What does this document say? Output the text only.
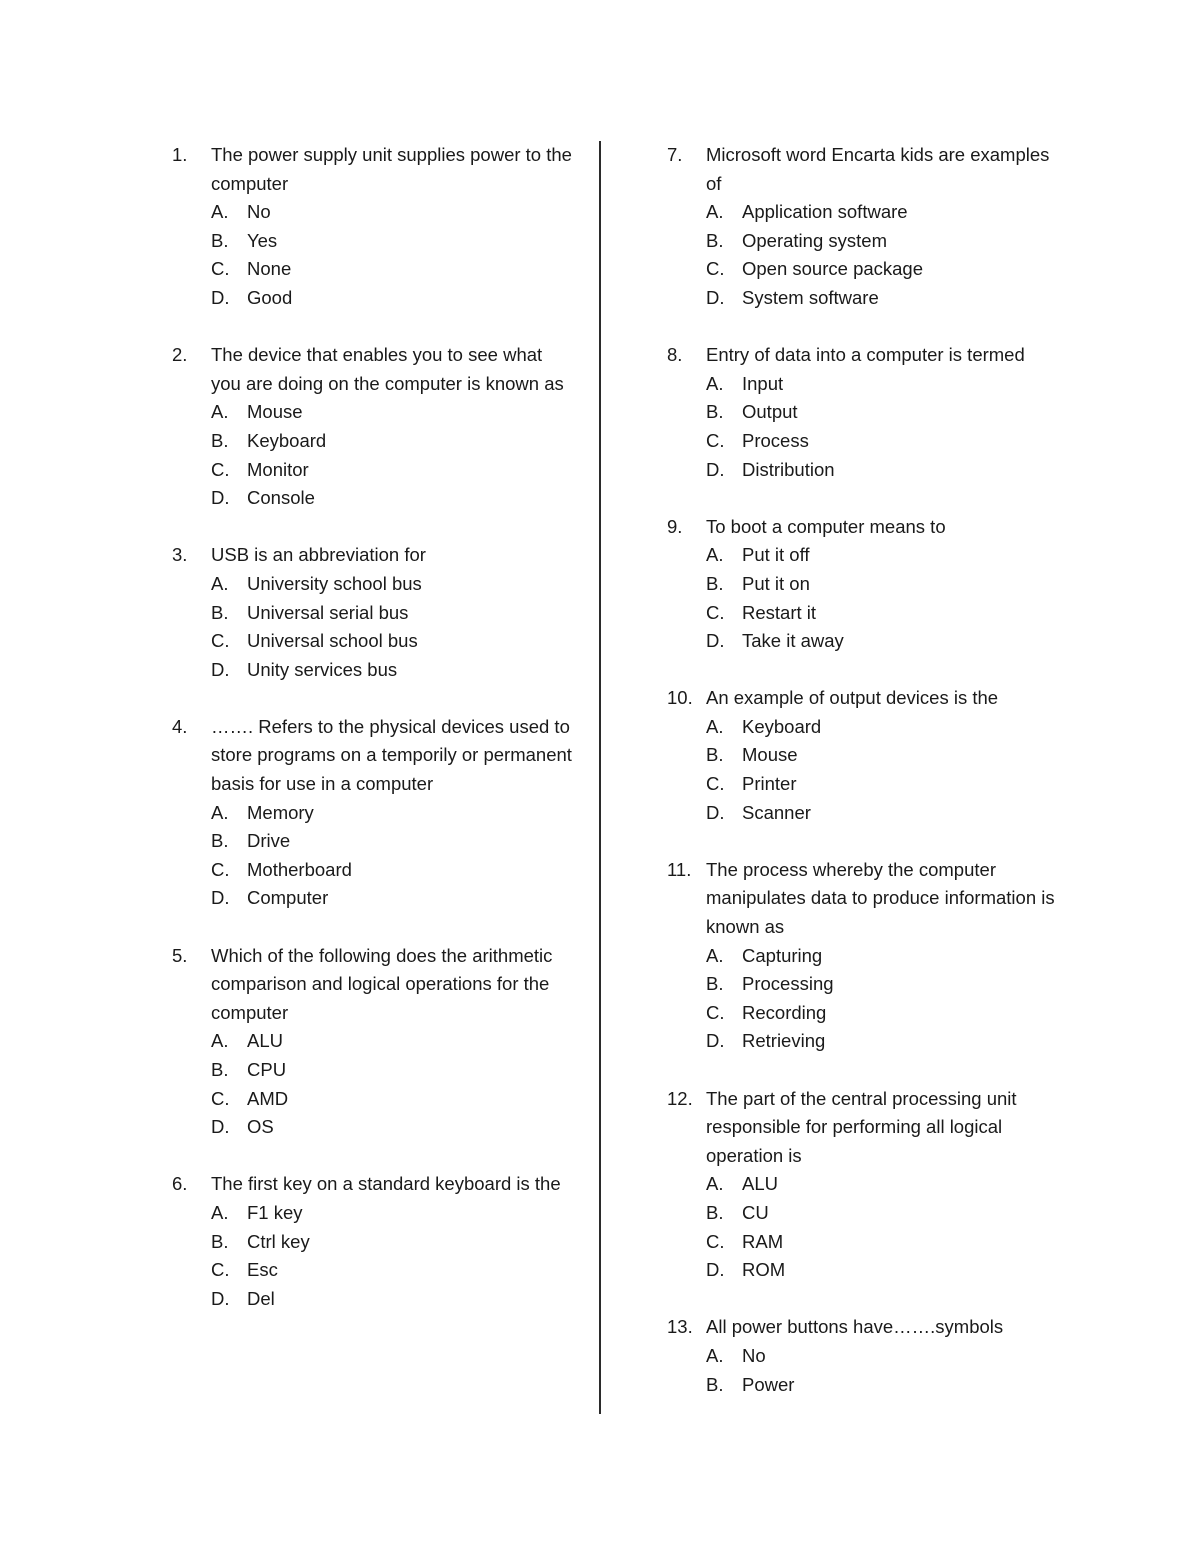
1.	The power supply unit supplies power to the computer
A.	No
B.	Yes
C. None
D. Good
2.	The device that enables you to see what you are doing on the computer is known as
A.	Mouse
B.	Keyboard
C. Monitor
D. Console
3.	USB is an abbreviation for
A.	University school bus
B.	Universal serial bus
C. Universal school bus
D. Unity services bus
4.	……. Refers to the physical devices used to store programs on a temporily or permanent basis for use in a computer
A.	Memory
B.	Drive
C. Motherboard
D. Computer
5.	Which of the following does the arithmetic comparison and logical operations for the computer
A.	ALU
B.	CPU
C. AMD
D. OS
6.	The first key on a standard keyboard is the
A.	F1 key
B.	Ctrl key
C. Esc
D. Del
7.	Microsoft word Encarta kids are examples of
A.	Application software
B.	Operating system
C. Open source package
D. System software
8.	Entry of data into a computer is termed
A.	Input
B.	Output
C. Process
D. Distribution
9.	To boot a computer means to
A.	Put it off
B.	Put it on
C. Restart it
D. Take it away
10. An example of output devices is the
A.	Keyboard
B.	Mouse
C. Printer
D. Scanner
11. The process whereby the computer manipulates data to produce information is known as
A.	Capturing
B.	Processing
C. Recording
D. Retrieving
12. The part of the central processing unit responsible for performing all logical operation is
A.	ALU
B.	CU
C. RAM
D. ROM
13. All power buttons have…….symbols
A.	No
B.	Power
